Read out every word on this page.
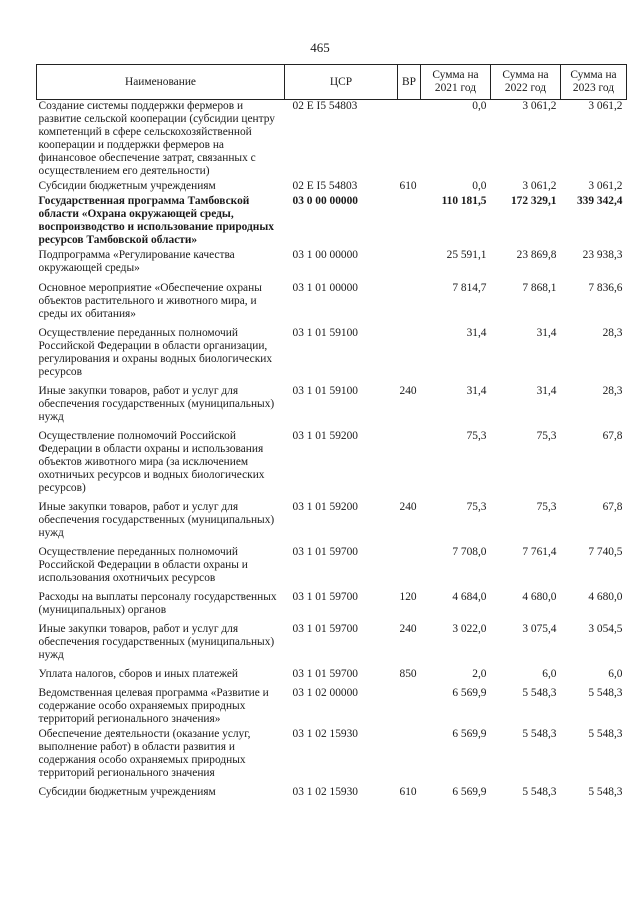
465
Наименование	ЦСР	ВР	Сумма на 2021 год	Сумма на 2022 год	Сумма на 2023 год
Создание системы поддержки фермеров и развитие сельской кооперации (субсидии центру компетенций в сфере сельскохозяйственной кооперации и поддержки фермеров на финансовое обеспечение затрат, связанных с осуществлением его деятельности)	02 Е I5 54803		0,0	3 061,2	3 061,2
Субсидии бюджетным учреждениям	02 Е I5 54803	610	0,0	3 061,2	3 061,2
Государственная программа Тамбовской области «Охрана окружающей среды, воспроизводство и использование природных ресурсов Тамбовской области»	03 0 00 00000		110 181,5	172 329,1	339 342,4
Подпрограмма «Регулирование качества окружающей среды»	03 1 00 00000		25 591,1	23 869,8	23 938,3
Основное мероприятие «Обеспечение охраны объектов растительного и животного мира, и среды их обитания»	03 1 01 00000		7 814,7	7 868,1	7 836,6
Осуществление переданных полномочий Российской Федерации в области организации, регулирования и охраны водных биологических ресурсов	03 1 01 59100		31,4	31,4	28,3
Иные закупки товаров, работ и услуг для обеспечения государственных (муниципальных) нужд	03 1 01 59100	240	31,4	31,4	28,3
Осуществление полномочий Российской Федерации в области охраны и использования объектов животного мира (за исключением охотничьих ресурсов и водных биологических ресурсов)	03 1 01 59200		75,3	75,3	67,8
Иные закупки товаров, работ и услуг для обеспечения государственных (муниципальных) нужд	03 1 01 59200	240	75,3	75,3	67,8
Осуществление переданных полномочий Российской Федерации в области охраны и использования охотничьих ресурсов	03 1 01 59700		7 708,0	7 761,4	7 740,5
Расходы на выплаты персоналу государственных (муниципальных) органов	03 1 01 59700	120	4 684,0	4 680,0	4 680,0
Иные закупки товаров, работ и услуг для обеспечения государственных (муниципальных) нужд	03 1 01 59700	240	3 022,0	3 075,4	3 054,5
Уплата налогов, сборов и иных платежей	03 1 01 59700	850	2,0	6,0	6,0
Ведомственная целевая программа «Развитие и содержание особо охраняемых природных территорий регионального значения»	03 1 02 00000		6 569,9	5 548,3	5 548,3
Обеспечение деятельности (оказание услуг, выполнение работ) в области развития и содержания особо охраняемых природных территорий регионального значения	03 1 02 15930		6 569,9	5 548,3	5 548,3
Субсидии бюджетным учреждениям	03 1 02 15930	610	6 569,9	5 548,3	5 548,3
